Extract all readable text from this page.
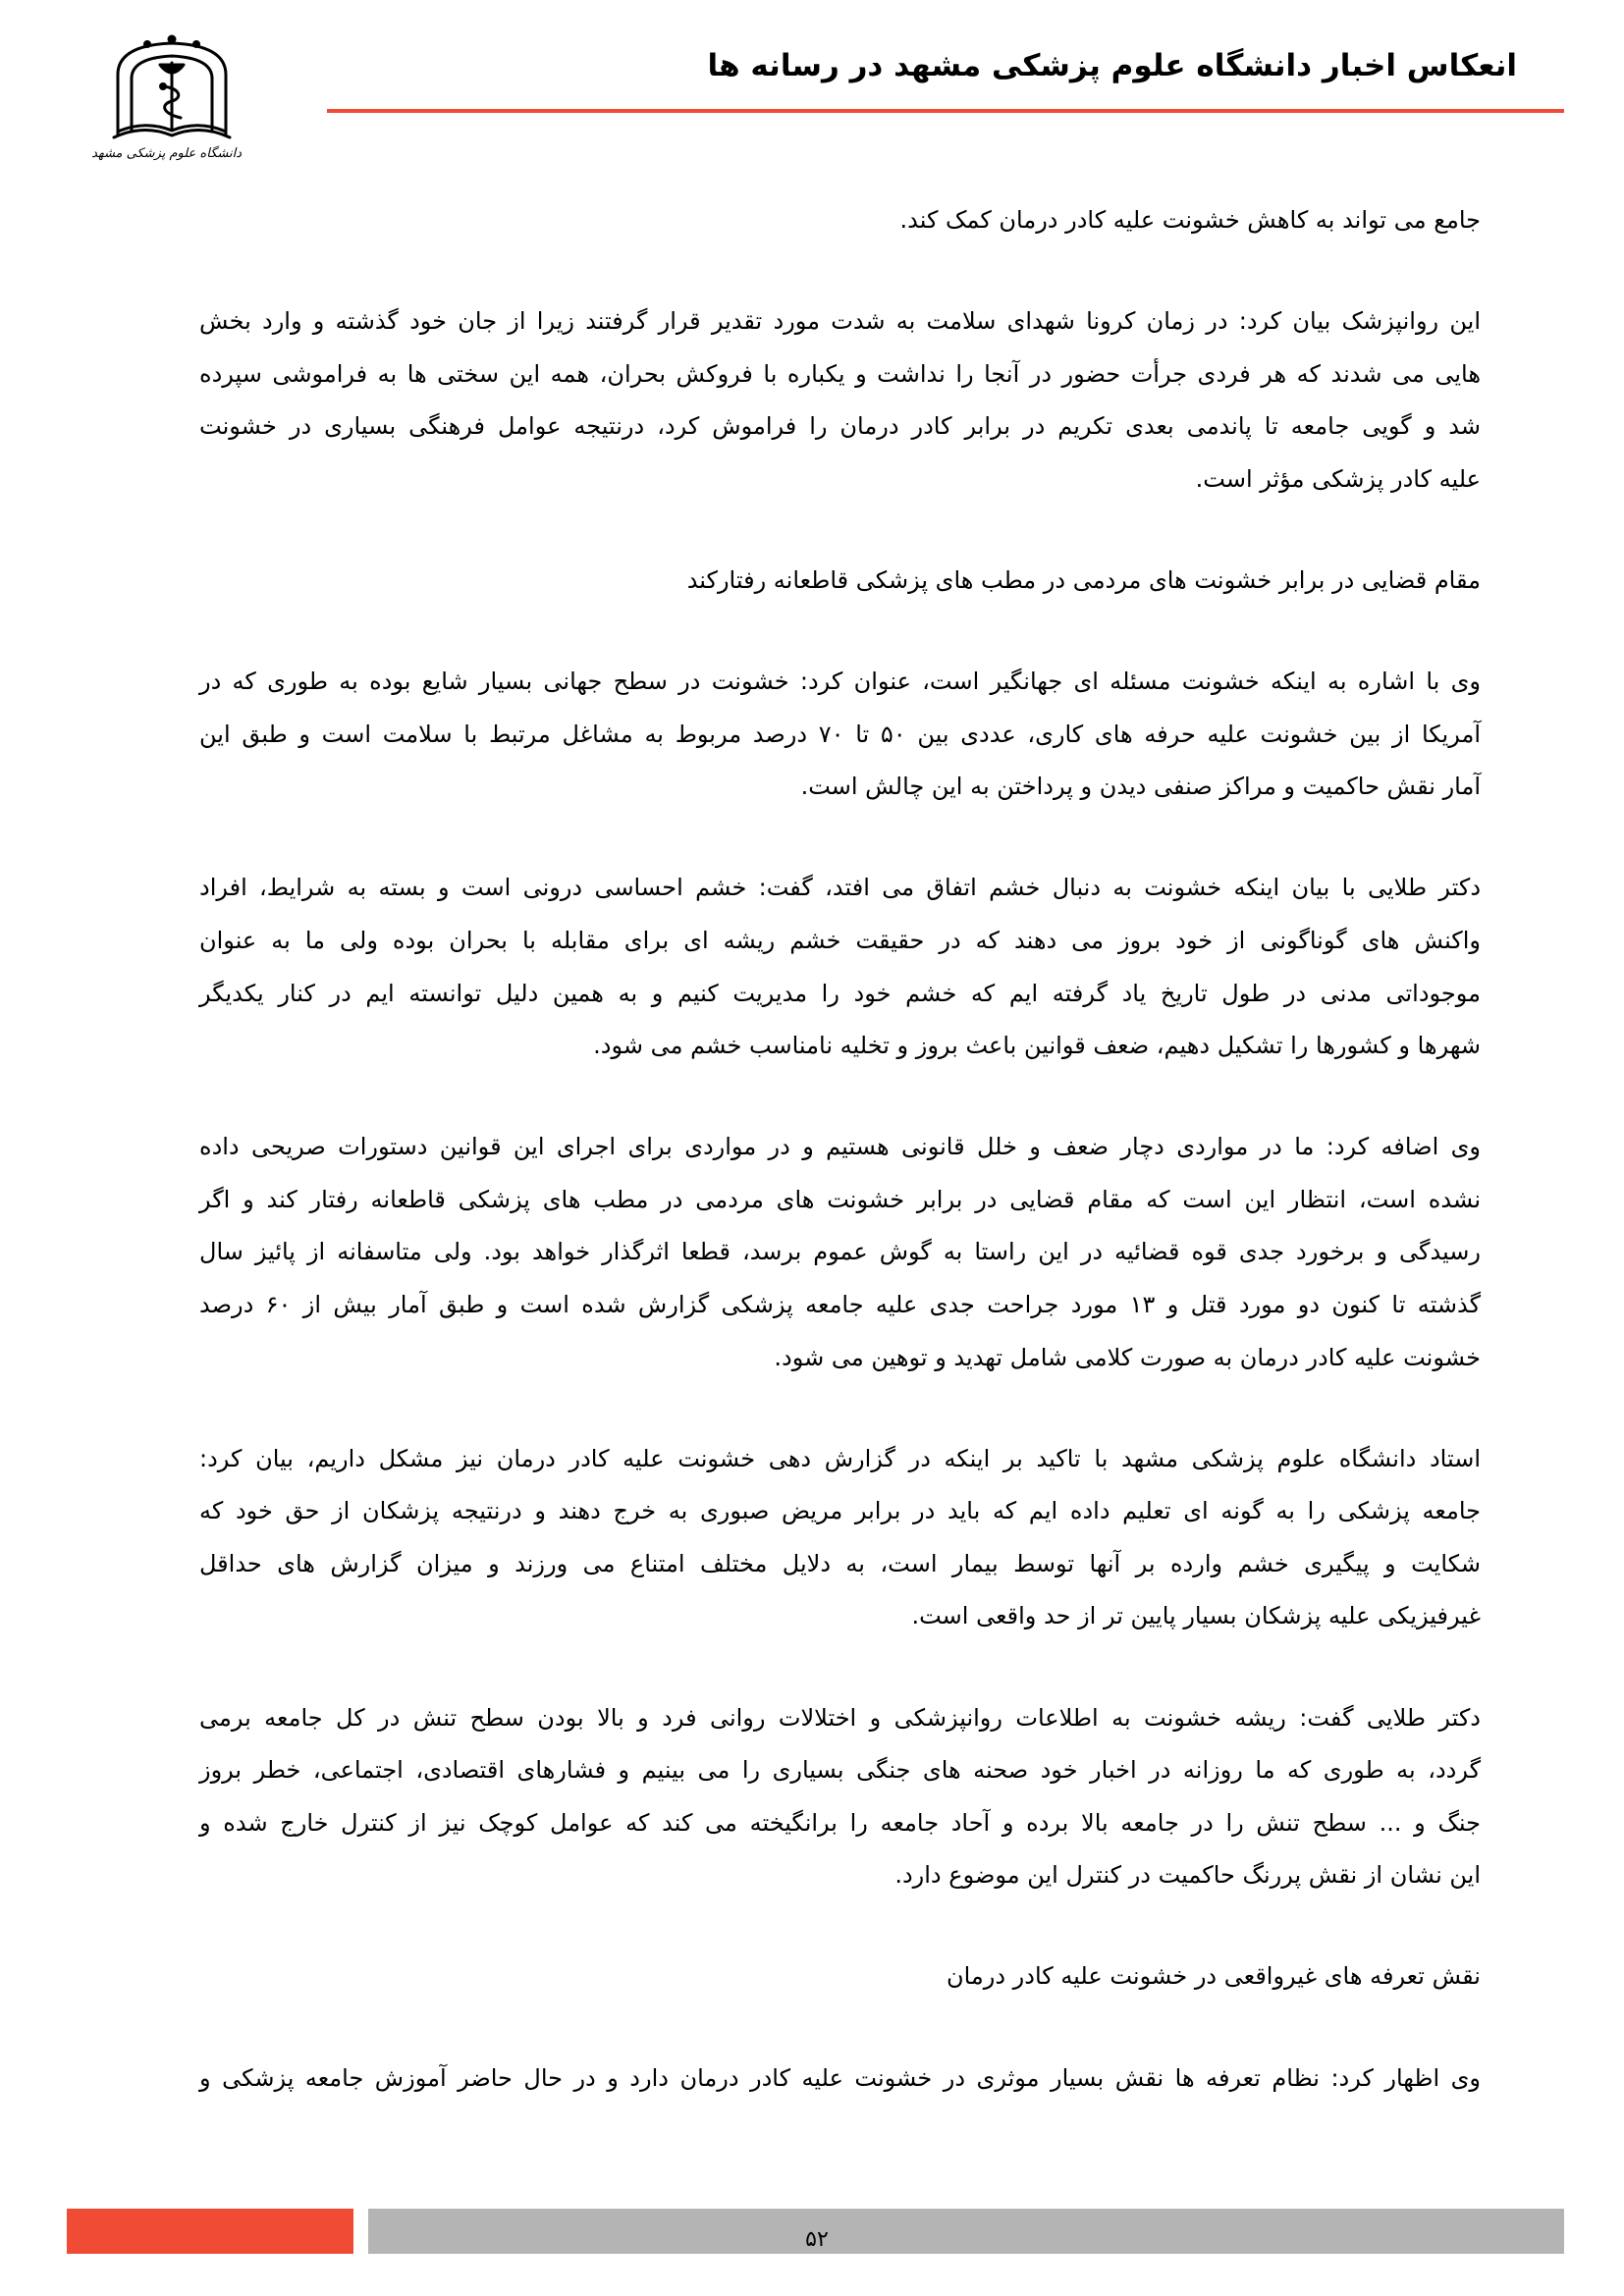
دانشگاه علوم پزشکی مشهد
انعکاس اخبار دانشگاه علوم پزشکی مشهد در رسانه ها
جامع می تواند به کاهش خشونت علیه کادر درمان کمک کند.
این روانپزشک بیان کرد: در زمان کرونا شهدای سلامت به شدت مورد تقدیر قرار گرفتند زیرا از جان خود گذشته و وارد بخش
هایی می شدند که هر فردی جرأت حضور در آنجا را نداشت و یکباره با فروکش بحران، همه این سختی ها به فراموشی سپرده
شد و گویی جامعه تا پاندمی بعدی تکریم در برابر کادر درمان را فراموش کرد، درنتیجه عوامل فرهنگی بسیاری در خشونت
علیه کادر پزشکی مؤثر است.
مقام قضایی در برابر خشونت های مردمی در مطب های پزشکی قاطعانه رفتارکند
وی با اشاره به اینکه خشونت مسئله ای جهانگیر است، عنوان کرد: خشونت در سطح جهانی بسیار شایع بوده به طوری که در
آمریکا از بین خشونت علیه حرفه های کاری، عددی بین ۵۰ تا ۷۰ درصد مربوط به مشاغل مرتبط با سلامت است و طبق این
آمار نقش حاکمیت و مراکز صنفی دیدن و پرداختن به این چالش است.
دکتر طلایی با بیان اینکه خشونت به دنبال خشم اتفاق می افتد، گفت: خشم احساسی درونی است و بسته به شرایط، افراد
واکنش های گوناگونی از خود بروز می دهند که در حقیقت خشم ریشه ای برای مقابله با بحران بوده ولی ما به عنوان
موجوداتی مدنی در طول تاریخ یاد گرفته ایم که خشم خود را مدیریت کنیم و به همین دلیل توانسته ایم در کنار یکدیگر
شهرها و کشورها را تشکیل دهیم، ضعف قوانین باعث بروز و تخلیه نامناسب خشم می شود.
وی اضافه کرد: ما در مواردی دچار ضعف و خلل قانونی هستیم و در مواردی برای اجرای این قوانین دستورات صریحی داده
نشده است، انتظار این است که مقام قضایی در برابر خشونت های مردمی در مطب های پزشکی قاطعانه رفتار کند و اگر
رسیدگی و برخورد جدی قوه قضائیه در این راستا به گوش عموم برسد، قطعا اثرگذار خواهد بود. ولی متاسفانه از پائیز سال
گذشته تا کنون دو مورد قتل و ۱۳ مورد جراحت جدی علیه جامعه پزشکی گزارش شده است و طبق آمار بیش از ۶۰ درصد
خشونت علیه کادر درمان به صورت کلامی شامل تهدید و توهین می شود.
استاد دانشگاه علوم پزشکی مشهد با تاکید بر اینکه در گزارش دهی خشونت علیه کادر درمان نیز مشکل داریم، بیان کرد:
جامعه پزشکی را به گونه ای تعلیم داده ایم که باید در برابر مریض صبوری به خرج دهند و درنتیجه پزشکان از حق خود که
شکایت و پیگیری خشم وارده بر آنها توسط بیمار است، به دلایل مختلف امتناع می ورزند و میزان گزارش های حداقل
غیرفیزیکی علیه پزشکان بسیار پایین تر از حد واقعی است.
دکتر طلایی گفت: ریشه خشونت به اطلاعات روانپزشکی و اختلالات روانی فرد و بالا بودن سطح تنش در کل جامعه برمی
گردد، به طوری که ما روزانه در اخبار خود صحنه های جنگی بسیاری را می بینیم و فشارهای اقتصادی، اجتماعی، خطر بروز
جنگ و ... سطح تنش را در جامعه بالا برده و آحاد جامعه را برانگیخته می کند که عوامل کوچک نیز از کنترل خارج شده و
این نشان از نقش پررنگ حاکمیت در کنترل این موضوع دارد.
نقش تعرفه های غیرواقعی در خشونت علیه کادر درمان
وی اظهار کرد: نظام تعرفه ها نقش بسیار موثری در خشونت علیه کادر درمان دارد و در حال حاضر آموزش جامعه پزشکی و
۵۲
